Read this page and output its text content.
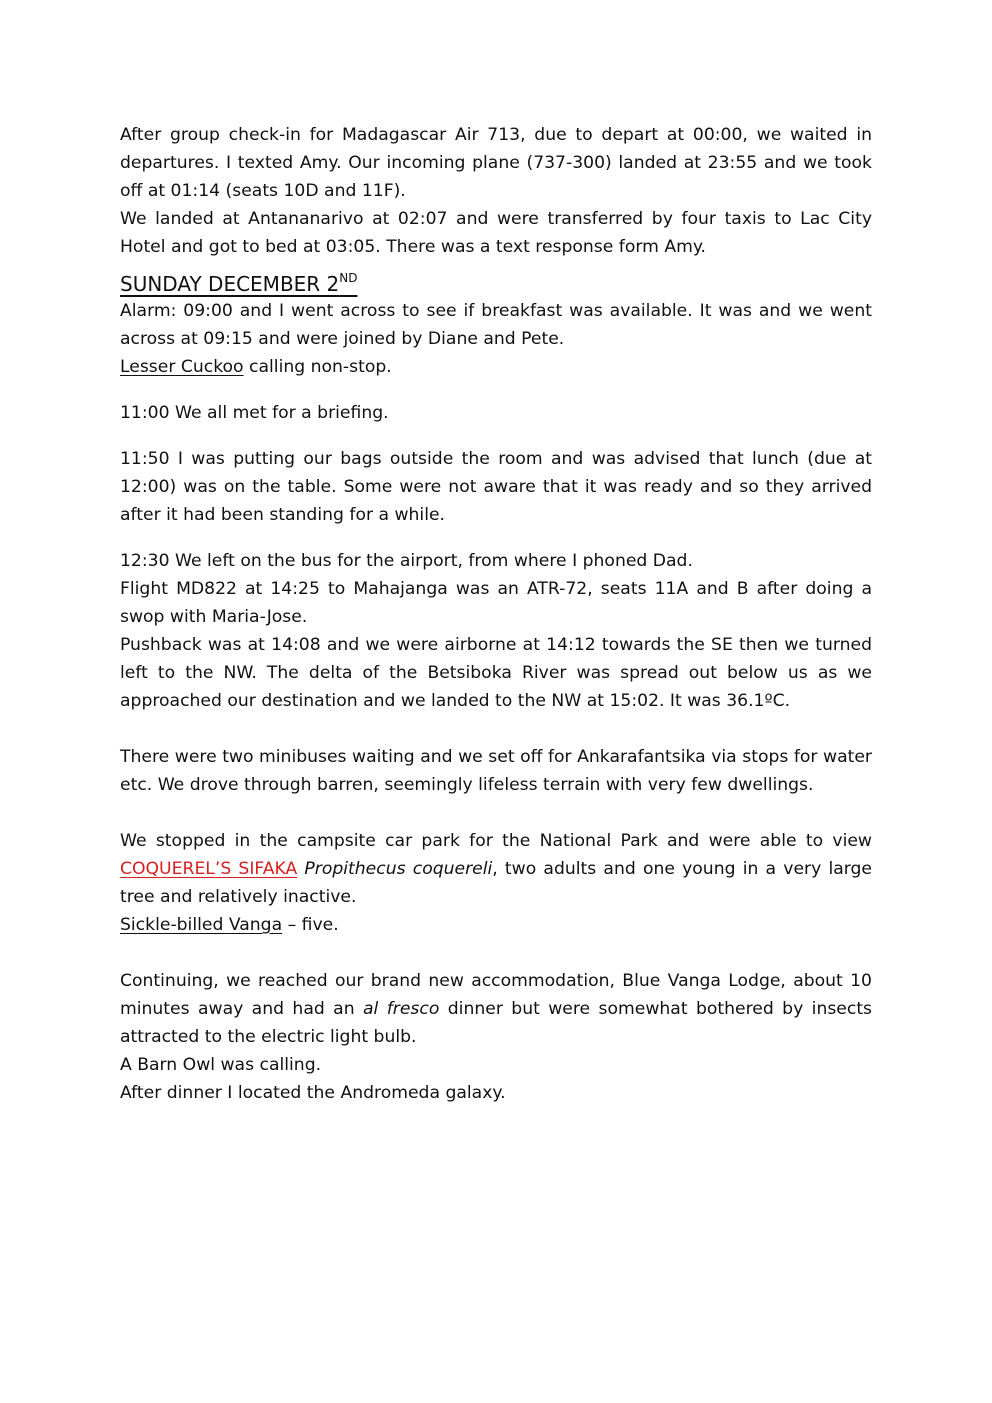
After group check-in for Madagascar Air 713, due to depart at 00:00, we waited in departures. I texted Amy. Our incoming plane (737-300) landed at 23:55 and we took off at 01:14 (seats 10D and 11F).

We landed at Antananarivo at 02:07 and were transferred by four taxis to Lac City Hotel and got to bed at 03:05. There was a text response form Amy.

SUNDAY DECEMBER 2ND

Alarm: 09:00 and I went across to see if breakfast was available. It was and we went across at 09:15 and were joined by Diane and Pete.

Lesser Cuckoo calling non-stop.

11:00 We all met for a briefing.

11:50 I was putting our bags outside the room and was advised that lunch (due at 12:00) was on the table. Some were not aware that it was ready and so they arrived after it had been standing for a while.

12:30 We left on the bus for the airport, from where I phoned Dad.

Flight MD822 at 14:25 to Mahajanga was an ATR-72, seats 11A and B after doing a swop with Maria-Jose.

Pushback was at 14:08 and we were airborne at 14:12 towards the SE then we turned left to the NW. The delta of the Betsiboka River was spread out below us as we approached our destination and we landed to the NW at 15:02. It was 36.1ºC.

There were two minibuses waiting and we set off for Ankarafantsika via stops for water etc. We drove through barren, seemingly lifeless terrain with very few dwellings.

We stopped in the campsite car park for the National Park and were able to view COQUEREL’S SIFAKA Propithecus coquereli, two adults and one young in a very large tree and relatively inactive.

Sickle-billed Vanga – five.

Continuing, we reached our brand new accommodation, Blue Vanga Lodge, about 10 minutes away and had an al fresco dinner but were somewhat bothered by insects attracted to the electric light bulb.

A Barn Owl was calling.

After dinner I located the Andromeda galaxy.
